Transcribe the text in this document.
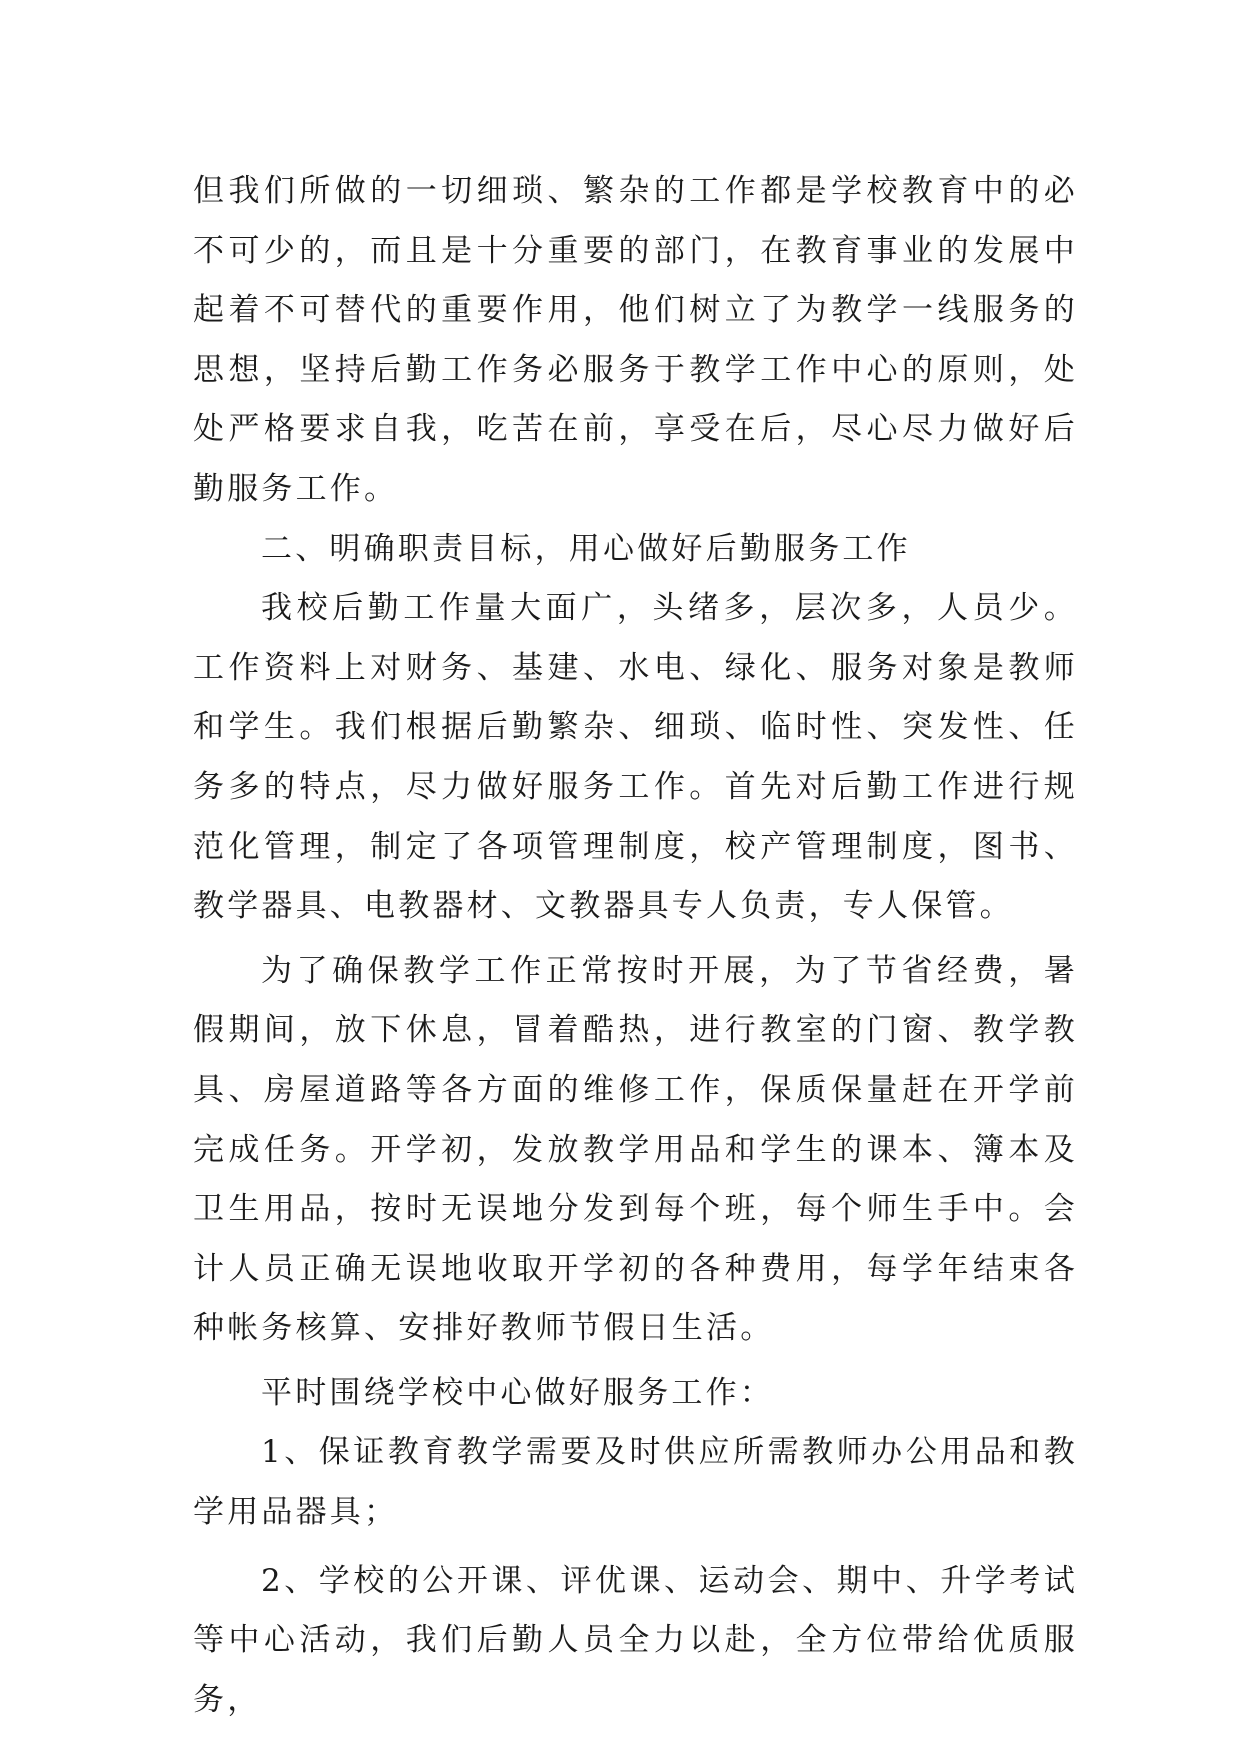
但我们所做的一切细琐、繁杂的工作都是学校教育中的必不可少的，而且是十分重要的部门，在教育事业的发展中起着不可替代的重要作用，他们树立了为教学一线服务的思想，坚持后勤工作务必服务于教学工作中心的原则，处处严格要求自我，吃苦在前，享受在后，尽心尽力做好后勤服务工作。

二、明确职责目标，用心做好后勤服务工作

我校后勤工作量大面广，头绪多，层次多，人员少。工作资料上对财务、基建、水电、绿化、服务对象是教师和学生。我们根据后勤繁杂、细琐、临时性、突发性、任务多的特点，尽力做好服务工作。首先对后勤工作进行规范化管理，制定了各项管理制度，校产管理制度，图书、教学器具、电教器材、文教器具专人负责，专人保管。

为了确保教学工作正常按时开展，为了节省经费，暑假期间，放下休息，冒着酷热，进行教室的门窗、教学教具、房屋道路等各方面的维修工作，保质保量赶在开学前完成任务。开学初，发放教学用品和学生的课本、簿本及卫生用品，按时无误地分发到每个班，每个师生手中。会计人员正确无误地收取开学初的各种费用，每学年结束各种帐务核算、安排好教师节假日生活。

平时围绕学校中心做好服务工作：

1、保证教育教学需要及时供应所需教师办公用品和教学用品器具；

2、学校的公开课、评优课、运动会、期中、升学考试等中心活动，我们后勤人员全力以赴，全方位带给优质服务，
